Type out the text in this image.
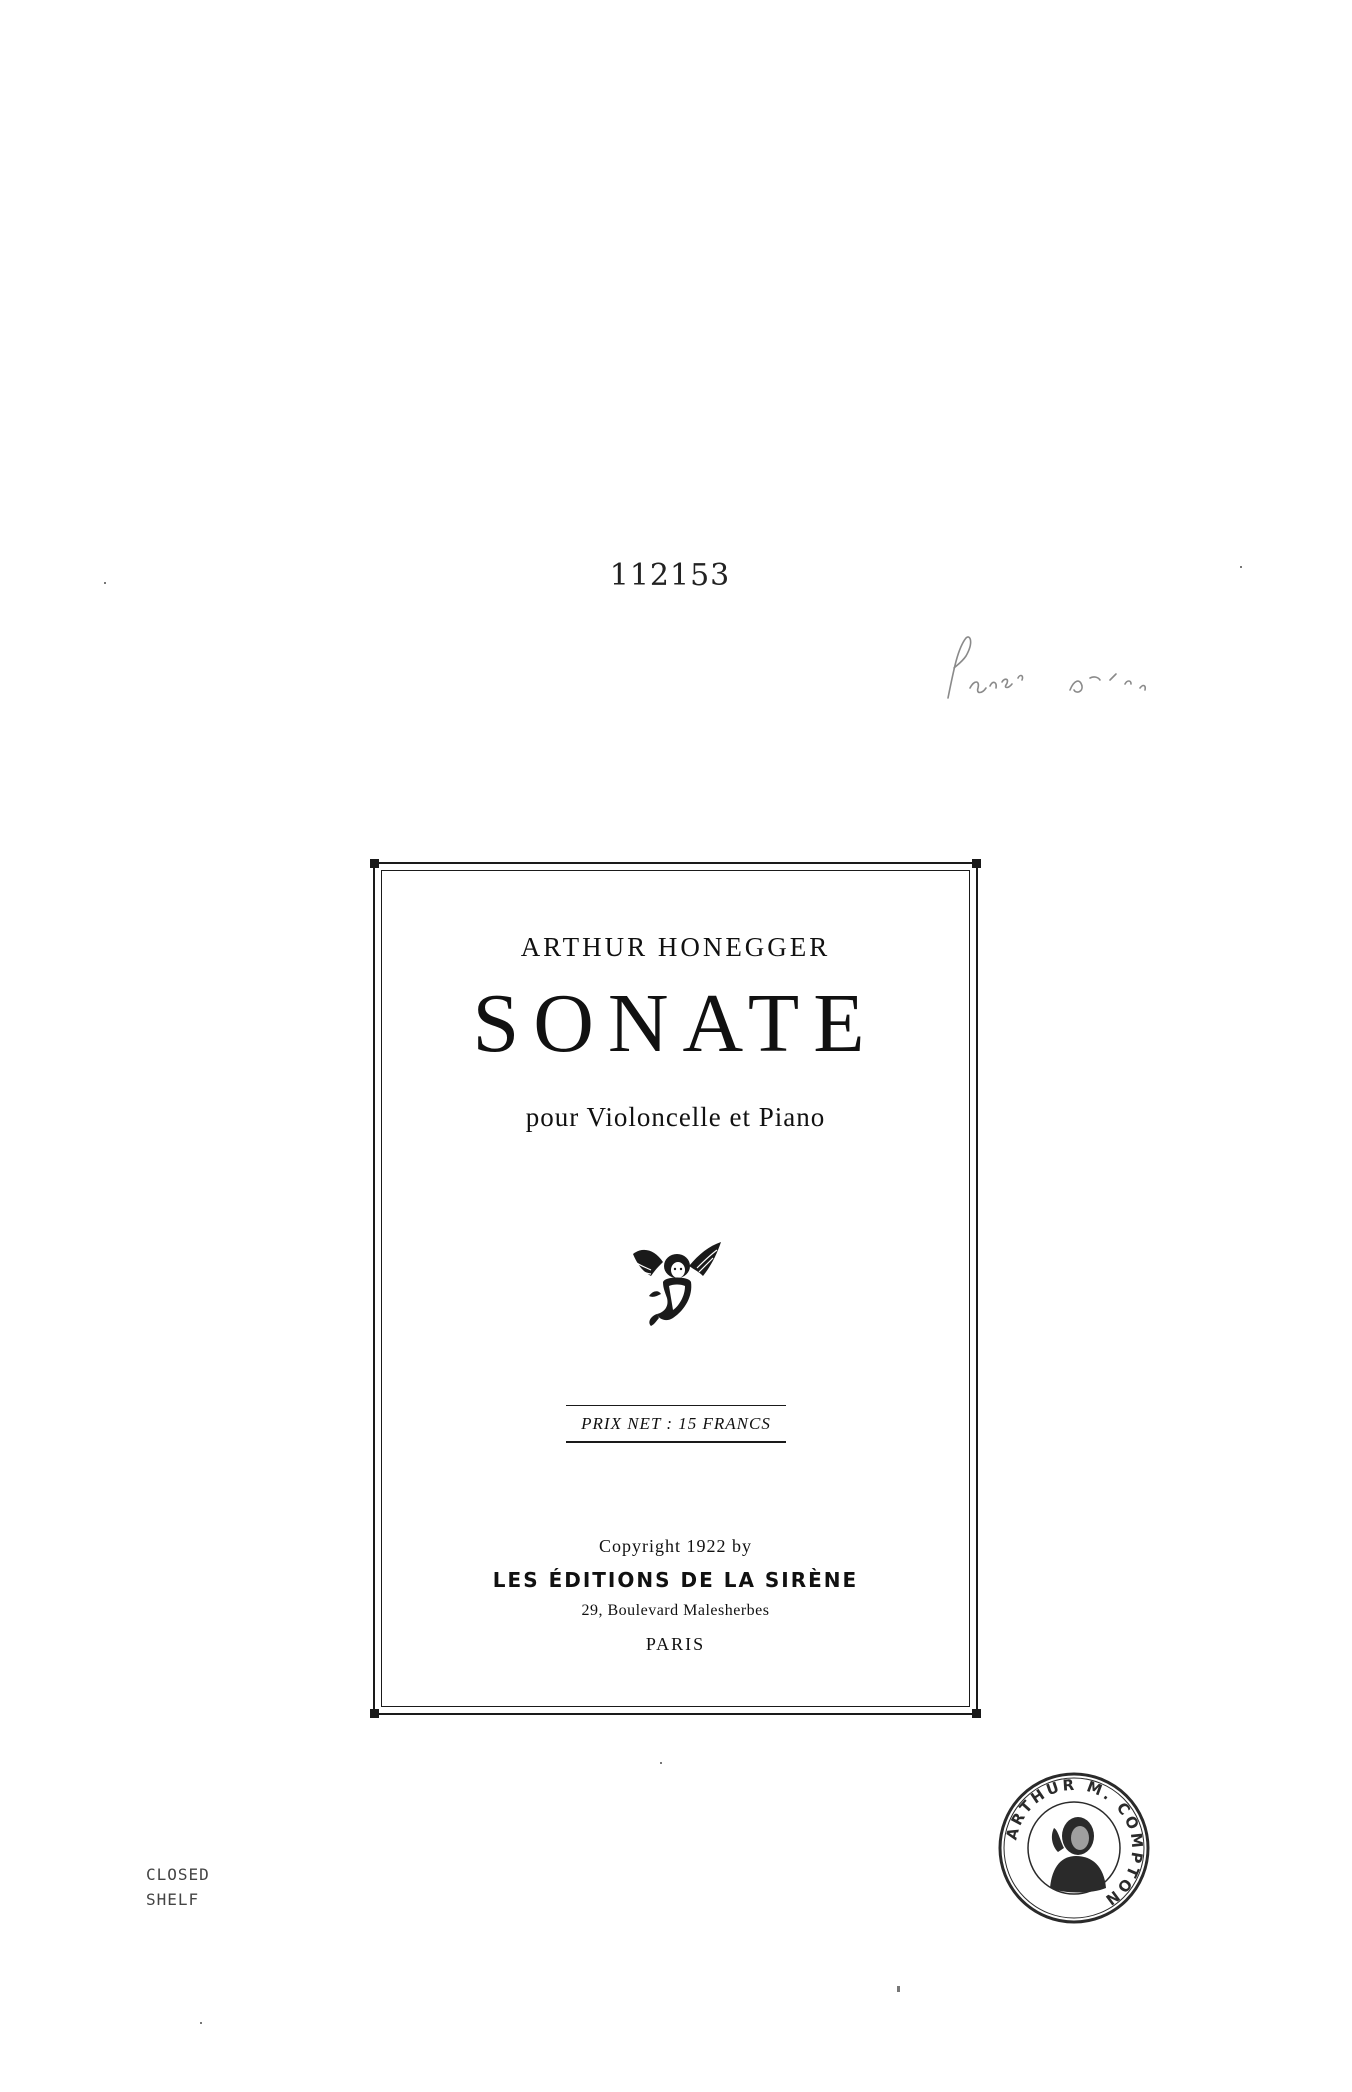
112153
ARTHUR HONEGGER
SONATE
pour Violoncelle et Piano
PRIX NET : 15 FRANCS
Copyright 1922 by
LES ÉDITIONS DE LA SIRÈNE
29, Boulevard Malesherbes
PARIS
ARTHUR M. COMPTON
CLOSED
SHELF
